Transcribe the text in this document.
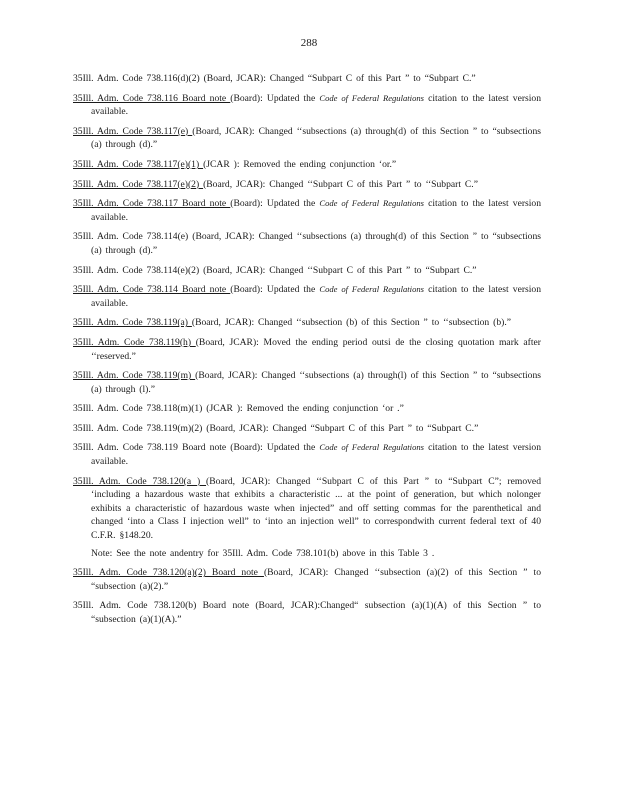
288
35Ill. Adm. Code 738.116(d)(2) (Board, JCAR): Changed “Subpart C of this Part ” to “Subpart C.”
35Ill. Adm. Code 738.116 Board note (Board): Updated the Code of Federal Regulations citation to the latest version available.
35Ill. Adm. Code 738.117(e) (Board, JCAR): Changed ‘‘subsections (a) through(d) of this Section ” to “subsections (a) through (d).”
35Ill. Adm. Code 738.117(e)(1) (JCAR ): Removed the ending conjunction ‘or.”
35Ill. Adm. Code 738.117(e)(2) (Board, JCAR): Changed ‘‘Subpart C of this Part ” to ‘‘Subpart C.”
35Ill. Adm. Code 738.117 Board note (Board): Updated the Code of Federal Regulations citation to the latest version available.
35Ill. Adm. Code 738.114(e) (Board, JCAR): Changed ‘‘subsections (a) through(d) of this Section ” to “subsections (a) through (d).”
35Ill. Adm. Code 738.114(e)(2) (Board, JCAR): Changed ‘‘Subpart C of this Part ” to “Subpart C.”
35Ill. Adm. Code 738.114 Board note (Board): Updated the Code of Federal Regulations citation to the latest version available.
35Ill. Adm. Code 738.119(a) (Board, JCAR): Changed ‘‘subsection (b) of this Section ” to ‘‘subsection (b).”
35Ill. Adm. Code 738.119(h) (Board, JCAR): Moved the ending period outsi de the closing quotation mark after ‘‘reserved.”
35Ill. Adm. Code 738.119(m) (Board, JCAR): Changed ‘‘subsections (a) through(l) of this Section ” to “subsections (a) through (l).”
35Ill. Adm. Code 738.118(m)(1) (JCAR ): Removed the ending conjunction ‘or .”
35Ill. Adm. Code 738.119(m)(2) (Board, JCAR): Changed “Subpart C of this Part ” to “Subpart C.”
35Ill. Adm. Code 738.119 Board note (Board): Updated the Code of Federal Regulations citation to the latest version available.
35Ill. Adm. Code 738.120(a ) (Board, JCAR): Changed ‘‘Subpart C of this Part ” to “Subpart C”; removed ‘including a hazardous waste that exhibits a characteristic ... at the point of generation, but which nolonger exhibits a characteristic of hazardous waste when injected” and off setting commas for the parenthetical and changed ‘into a Class I injection well” to ‘into an injection well” to correspondwith current federal text of 40 C.F.R. §148.20.
Note: See the note andentry for 35Ill. Adm. Code 738.101(b) above in this Table 3 .
35Ill. Adm. Code 738.120(a)(2) Board note (Board, JCAR): Changed ‘‘subsection (a)(2) of this Section ” to “subsection (a)(2).”
35Ill. Adm. Code 738.120(b) Board note (Board, JCAR):Changed“ subsection (a)(1)(A) of this Section ” to “subsection (a)(1)(A).”
